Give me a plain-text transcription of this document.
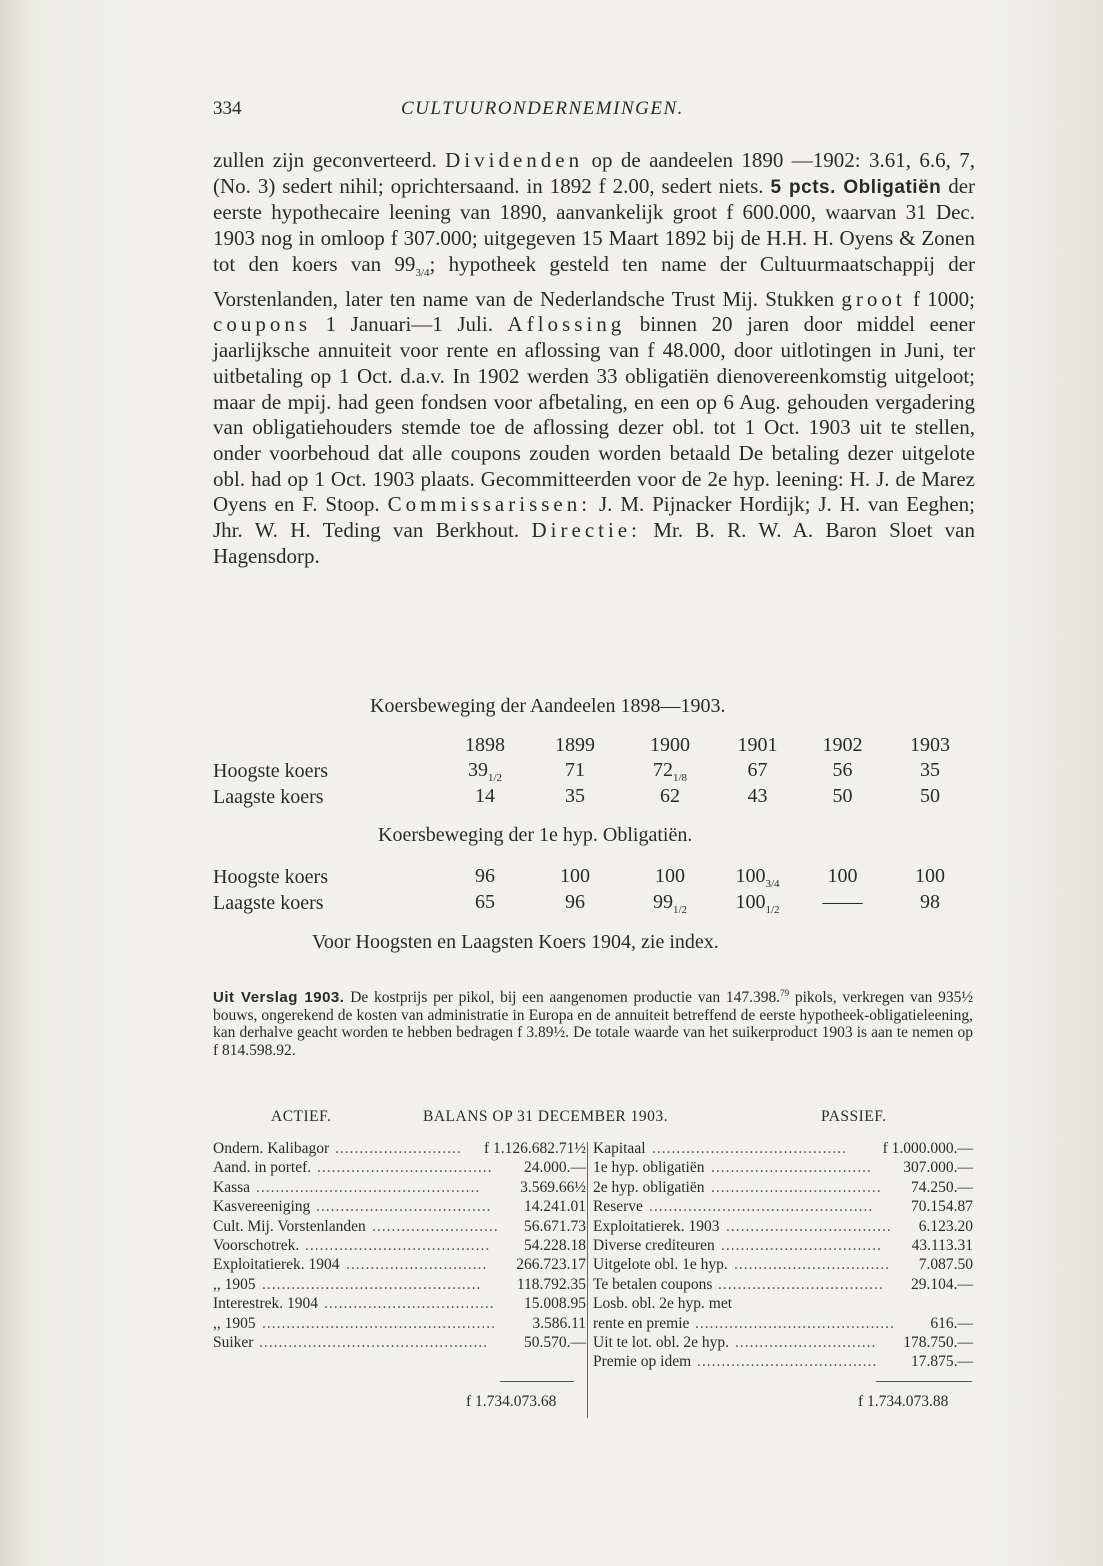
334	CULTUURONDERNEMINGEN.
zullen zijn geconverteerd. Dividenden op de aandeelen 1890 —1902: 3.61, 6.6, 7, (No. 3) sedert nihil; oprichtersaand. in 1892 f 2.00, sedert niets. 5 pcts. Obligatiën der eerste hypothecaire leening van 1890, aanvankelijk groot f 600.000, waarvan 31 Dec. 1903 nog in omloop f 307.000; uitgegeven 15 Maart 1892 bij de H.H. H. Oyens & Zonen tot den koers van $99_{3/4}$; hypotheek gesteld ten name der Cultuurmaatschappij der Vorstenlanden, later ten name van de Nederlandsche Trust Mij. Stukken groot f 1000; coupons 1 Januari—1 Juli. Aflossing binnen 20 jaren door middel eener jaarlijksche annuiteit voor rente en aflossing van f 48.000, door uitlotingen in Juni, ter uitbetaling op 1 Oct. d.a.v. In 1902 werden 33 obligatiën dienovereenkomstig uitgeloot; maar de mpij. had geen fondsen voor afbetaling, en een op 6 Aug. gehouden vergadering van obligatiehouders stemde toe de aflossing dezer obl. tot 1 Oct. 1903 uit te stellen, onder voorbehoud dat alle coupons zouden worden betaald De betaling dezer uitgelote obl. had op 1 Oct. 1903 plaats. Gecommitteerden voor de 2e hyp. leening: H. J. de Marez Oyens en F. Stoop. Commissarissen: J. M. Pijnacker Hordijk; J. H. van Eeghen; Jhr. W. H. Teding van Berkhout. Directie: Mr. B. R. W. A. Baron Sloet van Hagensdorp.
Koersbeweging der Aandeelen 1898—1903.
	1898	1899	1900	1901	1902	1903
Hoogste koers	$39_{1/2}$	71	$72_{1/8}$	67	56	35
Laagste koers	14	35	62	43	50	50
Koersbeweging der 1e hyp. Obligatiën.
Hoogste koers	96	100	100	$100_{3/4}$	100	100
Laagste koers	65	96	$99_{1/2}$	$100_{1/2}$	——	98
Voor Hoogsten en Laagsten Koers 1904, zie index.
Uit Verslag 1903. De kostprijs per pikol, bij een aangenomen productie van 147.398.79 pikols, verkregen van 935½ bouws, ongerekend de kosten van administratie in Europa en de annuiteit betreffend de eerste hypotheek-obligatieleening, kan derhalve geacht worden te hebben bedragen f 3.89½. De totale waarde van het suikerproduct 1903 is aan te nemen op f 814.598.92.
ACTIEF.	BALANS OP 31 DECEMBER 1903.	PASSIEF.
Ondern. Kalibagor ..........................	f 1.126.682.71½
Aand. in portef. ....................................	24.000.—
Kassa ..............................................	3.569.66½
Kasvereeniging ....................................	14.241.01
Cult. Mij. Vorstenlanden ..........................	56.671.73
Voorschotrek. ......................................	54.228.18
Exploitatierek. 1904 .............................	266.723.17
,, 1905 .............................................	118.792.35
Interestrek. 1904 ...................................	15.008.95
,, 1905 ................................................	3.586.11
Suiker ...............................................	50.570.—
Kapitaal ........................................	f 1.000.000.—
1e hyp. obligatiën .................................	307.000.—
2e hyp. obligatiën ...................................	74.250.—
Reserve ..............................................	70.154.87
Exploitatierek. 1903 ..................................	6.123.20
Diverse crediteuren .................................	43.113.31
Uitgelote obl. 1e hyp. ................................	7.087.50
Te betalen coupons ..................................	29.104.—
Losb. obl. 2e hyp. met
rente en premie .........................................	616.—
Uit te lot. obl. 2e hyp. .............................	178.750.—
Premie op idem .....................................	17.875.—
f 1.734.073.68	f 1.734.073.88
